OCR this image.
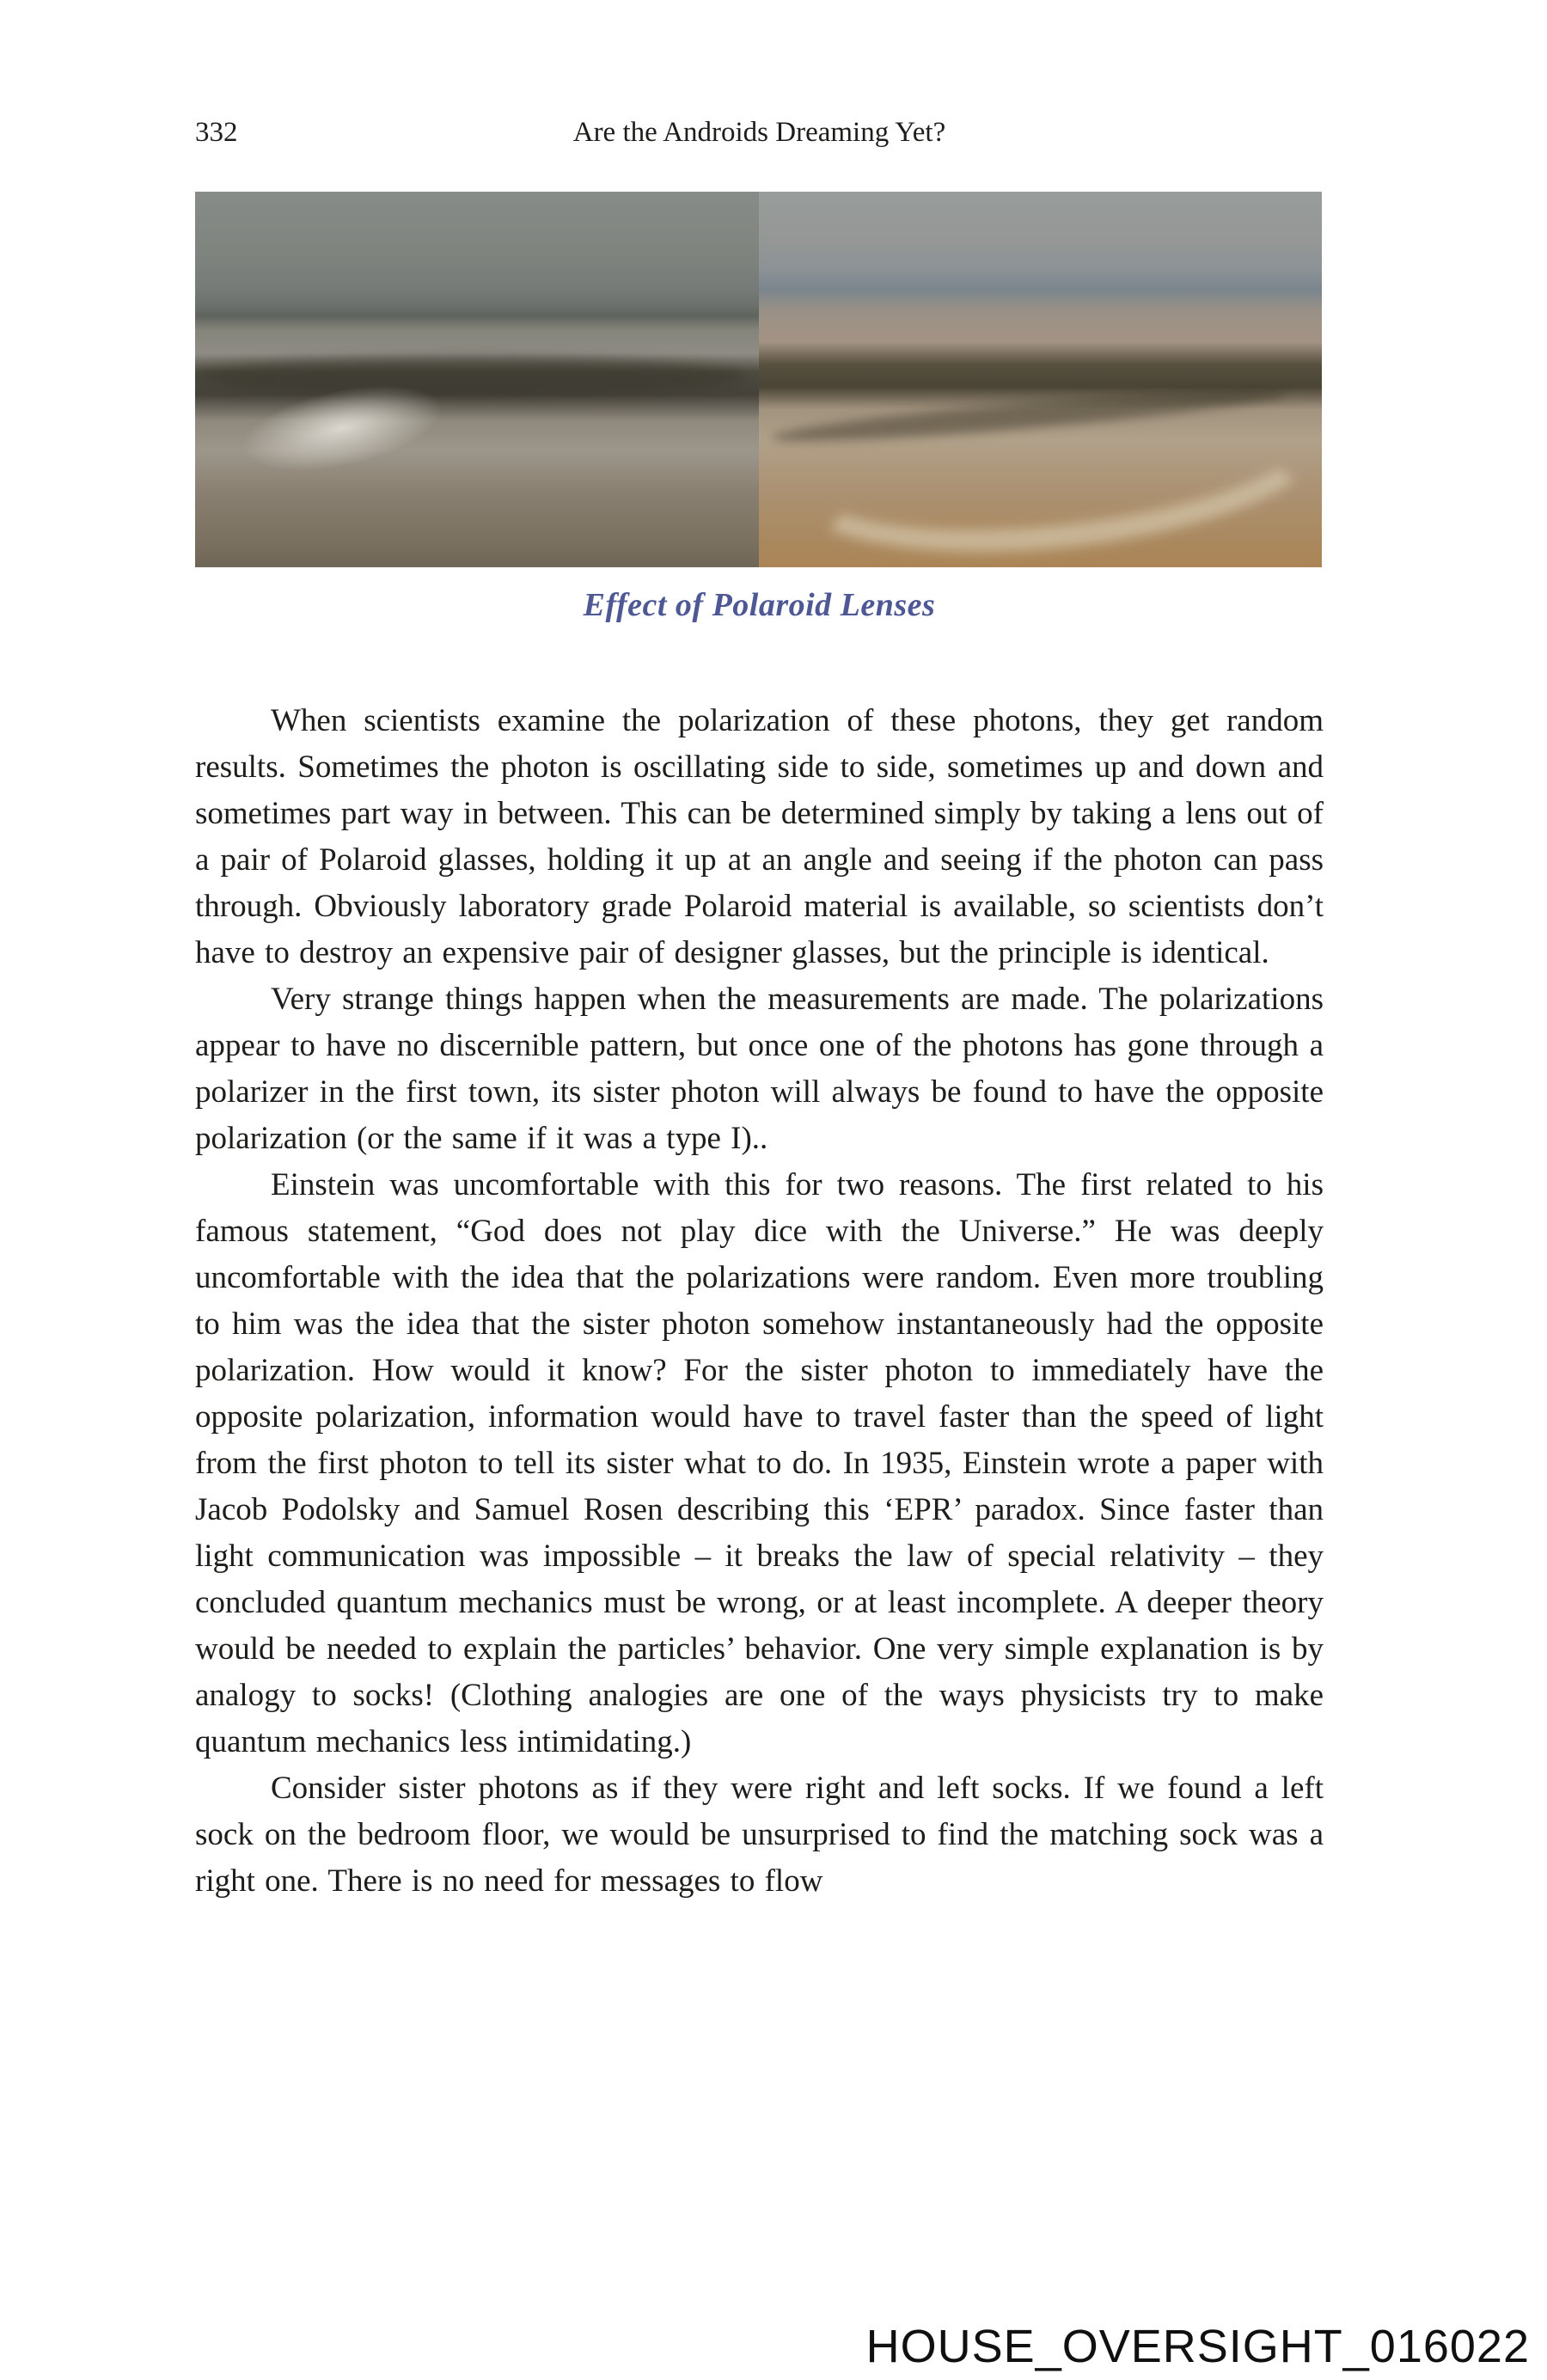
332	Are the Androids Dreaming Yet?
Effect of Polaroid Lenses

When scientists examine the polarization of these photons, they get random results. Sometimes the photon is oscillating side to side, sometimes up and down and sometimes part way in between. This can be determined simply by taking a lens out of a pair of Polaroid glasses, holding it up at an angle and seeing if the photon can pass through. Obviously laboratory grade Polaroid material is available, so scientists don’t have to destroy an expensive pair of designer glasses, but the principle is identical.

Very strange things happen when the measurements are made. The polarizations appear to have no discernible pattern, but once one of the photons has gone through a polarizer in the first town, its sister photon will always be found to have the opposite polarization (or the same if it was a type I)..

Einstein was uncomfortable with this for two reasons. The first related to his famous statement, “God does not play dice with the Universe.” He was deeply uncomfortable with the idea that the polarizations were random. Even more troubling to him was the idea that the sister photon somehow instantaneously had the opposite polarization. How would it know? For the sister photon to immediately have the opposite polarization, information would have to travel faster than the speed of light from the first photon to tell its sister what to do. In 1935, Einstein wrote a paper with Jacob Podolsky and Samuel Rosen describing this ‘EPR’ paradox. Since faster than light communication was impossible – it breaks the law of special relativity – they concluded quantum mechanics must be wrong, or at least incomplete. A deeper theory would be needed to explain the particles’ behavior. One very simple explanation is by analogy to socks! (Clothing analogies are one of the ways physicists try to make quantum mechanics less intimidating.)

Consider sister photons as if they were right and left socks. If we found a left sock on the bedroom floor, we would be unsurprised to find the matching sock was a right one. There is no need for messages to flow

HOUSE_OVERSIGHT_016022
